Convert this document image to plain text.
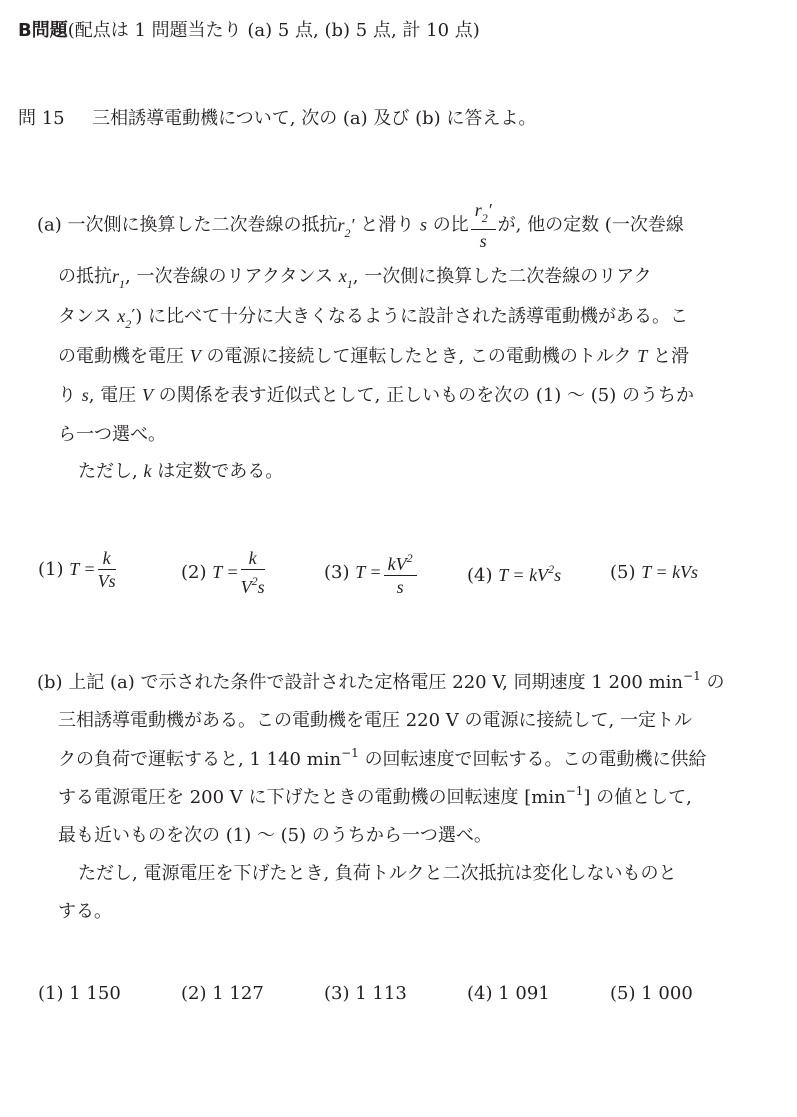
B問題(配点は 1 問題当たり (a) 5 点, (b) 5 点, 計 10 点)
問 15 三相誘導電動機について, 次の (a) 及び (b) に答えよ。
(a) 一次側に換算した二次巻線の抵抗$r_2'$ と滑り s の比 $\frac{r_2'}{s}$ が, 他の定数 (一次巻線
の抵抗$r_1$, 一次巻線のリアクタンス $x_1$, 一次側に換算した二次巻線のリアク
タンス $x_2'$) に比べて十分に大きくなるように設計された誘導電動機がある。こ
の電動機を電圧 V の電源に接続して運転したとき, この電動機のトルク T と滑
り s, 電圧 V の関係を表す近似式として, 正しいものを次の (1) ～ (5) のうちか
ら一つ選べ。
ただし, k は定数である。
(1) $T = \frac{k}{Vs}$	(2) $T = \frac{k}{V^2s}$	(3) $T = \frac{kV^2}{s}$	(4) $T = kV^2s$	(5) T = kVs
(b) 上記 (a) で示された条件で設計された定格電圧 220 V, 同期速度 1 200 $\min^{-1}$ の
三相誘導電動機がある。この電動機を電圧 220 V の電源に接続して, 一定トル
クの負荷で運転すると, 1 140 $\min^{-1}$ の回転速度で回転する。この電動機に供給
する電源電圧を 200 V に下げたときの電動機の回転速度 $[\min^{-1}]$ の値として,
最も近いものを次の (1) ～ (5) のうちから一つ選べ。
ただし, 電源電圧を下げたとき, 負荷トルクと二次抵抗は変化しないものと
する。
(1) 1 150	(2) 1 127	(3) 1 113	(4) 1 091	(5) 1 000
